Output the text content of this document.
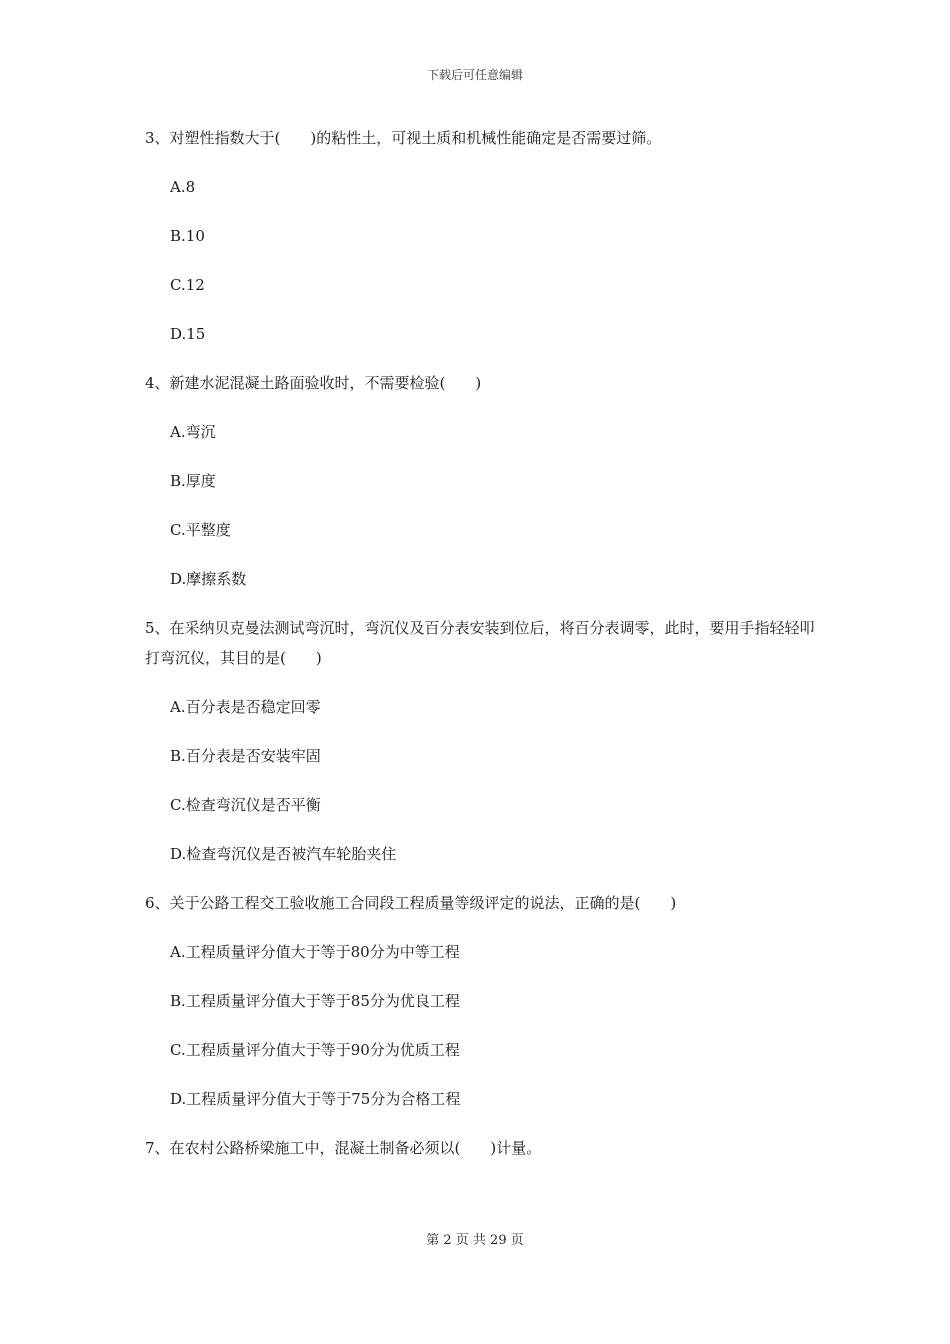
下载后可任意编辑

3、对塑性指数大于(　　)的粘性土，可视土质和机械性能确定是否需要过筛。

A.8

B.10

C.12

D.15

4、新建水泥混凝土路面验收时，不需要检验(　　)

A.弯沉

B.厚度

C.平整度

D.摩擦系数

5、在采纳贝克曼法测试弯沉时，弯沉仪及百分表安装到位后，将百分表调零，此时，要用手指轻轻叩打弯沉仪，其目的是(　　)

A.百分表是否稳定回零

B.百分表是否安装牢固

C.检查弯沉仪是否平衡

D.检查弯沉仪是否被汽车轮胎夹住

6、关于公路工程交工验收施工合同段工程质量等级评定的说法，正确的是(　　)

A.工程质量评分值大于等于80分为中等工程

B.工程质量评分值大于等于85分为优良工程

C.工程质量评分值大于等于90分为优质工程

D.工程质量评分值大于等于75分为合格工程

7、在农村公路桥梁施工中，混凝土制备必须以(　　)计量。

第 2 页 共 29 页
